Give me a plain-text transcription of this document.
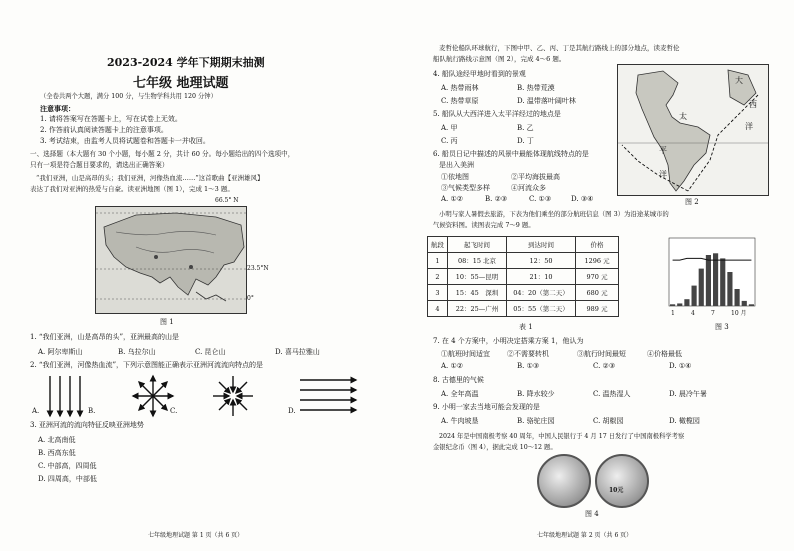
2023-2024 学年下期期末抽测
七年级 地理试题
（全卷共两个大题，满分 100 分，与生物学科共用 120 分钟）
注意事项：
1. 请将答案写在答题卡上，写在试卷上无效。
2. 作答前认真阅读答题卡上的注意事项。
3. 考试结束，由监考人员将试题卷和答题卡一并收回。
一、选择题（本大题有 30 个小题，每小题 2 分，共计 60 分。每小题给出的四个选项中，
只有一项是符合题目要求的，请选出正确答案）
“我们亚洲，山是高昂的头；我们亚洲，河像热血流……”这首歌曲【亚洲雄风】
表达了我们对亚洲的热爱与自豪。读亚洲地图（图 1），完成 1～3 题。
66.5° N
23.5°N
0°
图 1
1. “我们亚洲，山是高昂的头”，亚洲最高的山是
A. 阿尔卑斯山	B. 乌拉尔山	C. 昆仑山	D. 喜马拉雅山
2. “我们亚洲，河像热血流”，下列示意图能正确表示亚洲河流流向特点的是
A.	B.	C.	D.
3. 亚洲河流的流向特征反映亚洲地势
A. 北高南低
B. 西高东低
C. 中部高，四周低
D. 四周高，中部低
七年级地理试题 第 1 页（共 6 页）
麦哲伦船队环球航行，下图中甲、乙、丙、丁是其航行路线上的部分地点，读麦哲伦
船队航行路线示意图（图 2），完成 4～6 题。
4. 船队途经甲地时看到的景观
A. 热带雨林	B. 热带荒漠
C. 热带草原	D. 温带落叶阔叶林
5. 船队从大西洋进入太平洋经过的地点是
A. 甲	B. 乙
C. 丙	D. 丁
6. 船员日记中描述的风景中最能体现航线特点的是
是出入美洲
①依地图	②平均海拔最高
③气候类型多样	④河流众多
A. ①②	B. ②③	C. ①③	D. ③④
大
西
洋
太
平
洋
图 2
小明与家人暑假去旅游，下表为他们乘坐的部分航班信息（图 3）为沿途某城市的
气候资料图。读图表完成 7～9 题。
航段	起飞时间	到达时间	价格
1	08：15 北京	12：50	1296 元
2	10：55—昆明	21：10	970 元
3	15：45　深圳	04：20（第二天）	680 元
4	22：25—广州	05：55（第二天）	989 元
表 1
1	4	7	10 月
图 3
7. 在 4 个方案中，小明决定搭乘方案 1，他认为
①航班时间适宜 ②不需要转机	③航行时间最短	④价格最低
A. ①②	B. ①③	C. ②③	D. ①④
8. 古德里的气候
A. 全年高温	B. 降水较少	C. 温热湿人	D. 晨冷午暑
9. 小明一家去当地可能会发现的是
A. 牛肉坡垦	B. 骆驼庄园	C. 胡椒园	D. 橄榄园
2024 年是中国南极考察 40 周年，中国人民银行于 4 月 17 日发行了中国南极科学考察
金银纪念币（图 4），据此完成 10～12 题。
10元
图 4
七年级地理试题 第 2 页（共 6 页）
